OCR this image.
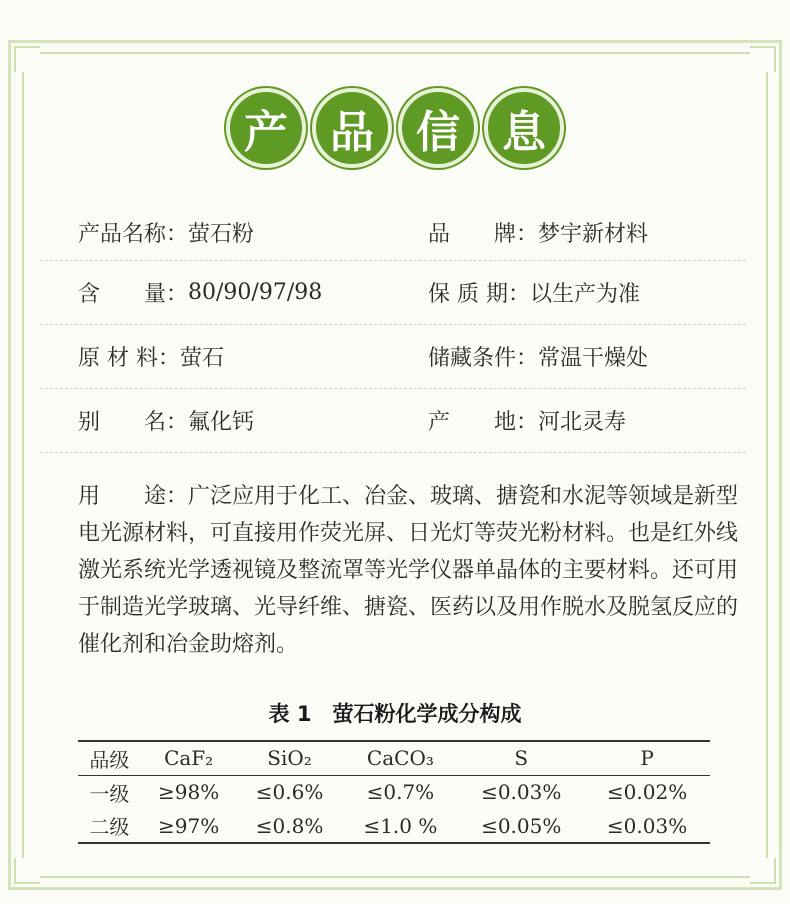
产 品 信 息
产品名称： 萤石粉	品　　牌： 梦宇新材料
含　　量： 80/90/97/98	保 质 期： 以生产为准
原 材 料： 萤石	储藏条件： 常温干燥处
别　　名： 氟化钙	产　　地： 河北灵寿
用　　途：广泛应用于化工、冶金、玻璃、搪瓷和水泥等领域是新型电光源材料，可直接用作荧光屏、日光灯等荧光粉材料。也是红外线激光系统光学透视镜及整流罩等光学仪器单晶体的主要材料。还可用于制造光学玻璃、光导纤维、搪瓷、医药以及用作脱水及脱氢反应的催化剂和冶金助熔剂。
表 1　萤石粉化学成分构成
品级	CaF₂	SiO₂	CaCO₃	S	P
一级	≥98%	≤0.6%	≤0.7%	≤0.03%	≤0.02%
二级	≥97%	≤0.8%	≤1.0 %	≤0.05%	≤0.03%
